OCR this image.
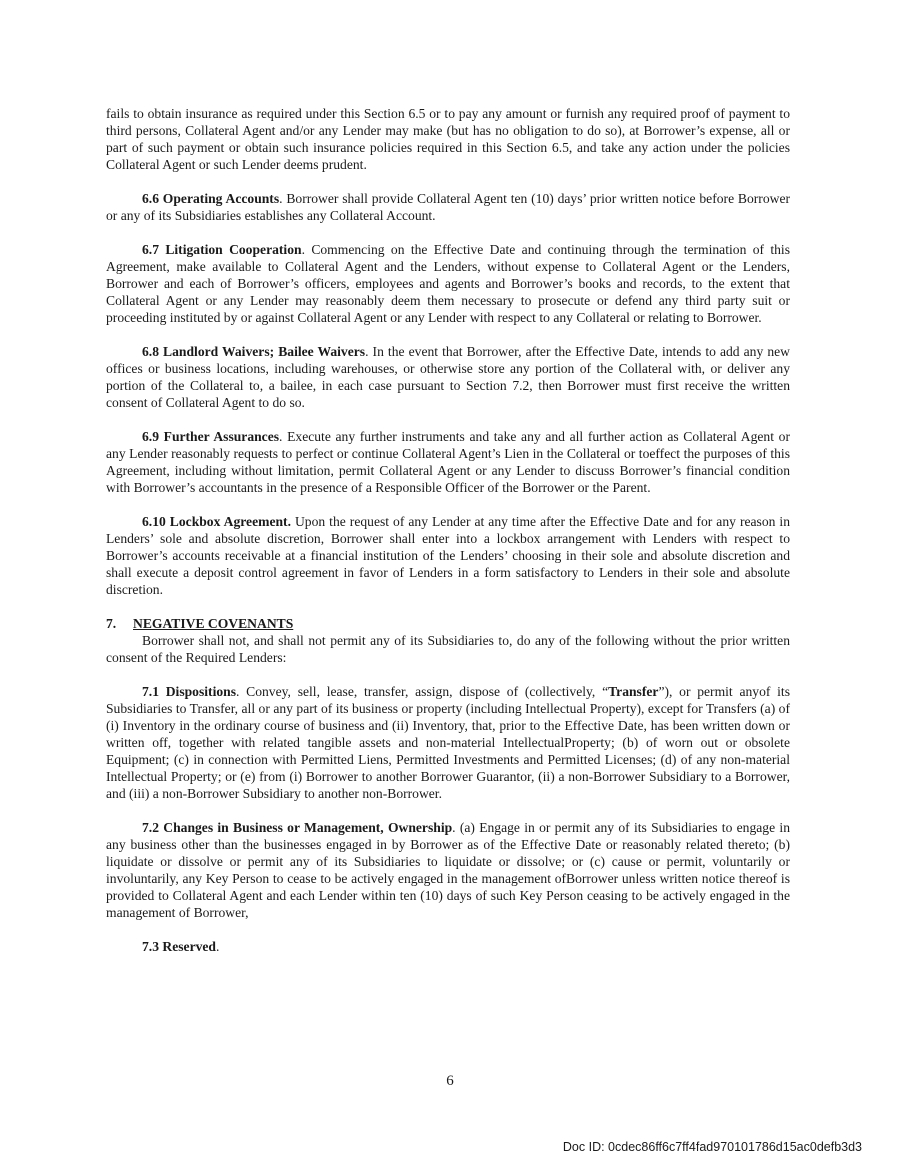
fails to obtain insurance as required under this Section 6.5 or to pay any amount or furnish any required proof of payment to third persons, Collateral Agent and/or any Lender may make (but has no obligation to do so), at Borrower’s expense, all or part of such payment or obtain such insurance policies required in this Section 6.5, and take any action under the policies Collateral Agent or such Lender deems prudent.

6.6 Operating Accounts. Borrower shall provide Collateral Agent ten (10) days’ prior written notice before Borrower or any of its Subsidiaries establishes any Collateral Account.

6.7 Litigation Cooperation. Commencing on the Effective Date and continuing through the termination of this Agreement, make available to Collateral Agent and the Lenders, without expense to Collateral Agent or the Lenders, Borrower and each of Borrower’s officers, employees and agents and Borrower’s books and records, to the extent that Collateral Agent or any Lender may reasonably deem them necessary to prosecute or defend any third party suit or proceeding instituted by or against Collateral Agent or any Lender with respect to any Collateral or relating to Borrower.

6.8 Landlord Waivers; Bailee Waivers. In the event that Borrower, after the Effective Date, intends to add any new offices or business locations, including warehouses, or otherwise store any portion of the Collateral with, or deliver any portion of the Collateral to, a bailee, in each case pursuant to Section 7.2, then Borrower must first receive the written consent of Collateral Agent to do so.

6.9 Further Assurances. Execute any further instruments and take any and all further action as Collateral Agent or any Lender reasonably requests to perfect or continue Collateral Agent’s Lien in the Collateral or toeffect the purposes of this Agreement, including without limitation, permit Collateral Agent or any Lender to discuss Borrower’s financial condition with Borrower’s accountants in the presence of a Responsible Officer of the Borrower or the Parent.

6.10 Lockbox Agreement. Upon the request of any Lender at any time after the Effective Date and for any reason in Lenders’ sole and absolute discretion, Borrower shall enter into a lockbox arrangement with Lenders with respect to Borrower’s accounts receivable at a financial institution of the Lenders’ choosing in their sole and absolute discretion and shall execute a deposit control agreement in favor of Lenders in a form satisfactory to Lenders in their sole and absolute discretion.

7. NEGATIVE COVENANTS

Borrower shall not, and shall not permit any of its Subsidiaries to, do any of the following without the prior written consent of the Required Lenders:

7.1 Dispositions. Convey, sell, lease, transfer, assign, dispose of (collectively, “Transfer”), or permit anyof its Subsidiaries to Transfer, all or any part of its business or property (including Intellectual Property), except for Transfers (a) of (i) Inventory in the ordinary course of business and (ii) Inventory, that, prior to the Effective Date, has been written down or written off, together with related tangible assets and non-material IntellectualProperty; (b) of worn out or obsolete Equipment; (c) in connection with Permitted Liens, Permitted Investments and Permitted Licenses; (d) of any non-material Intellectual Property; or (e) from (i) Borrower to another Borrower Guarantor, (ii) a non-Borrower Subsidiary to a Borrower, and (iii) a non-Borrower Subsidiary to another non-Borrower.

7.2 Changes in Business or Management, Ownership. (a) Engage in or permit any of its Subsidiaries to engage in any business other than the businesses engaged in by Borrower as of the Effective Date or reasonably related thereto; (b) liquidate or dissolve or permit any of its Subsidiaries to liquidate or dissolve; or (c) cause or permit, voluntarily or involuntarily, any Key Person to cease to be actively engaged in the management ofBorrower unless written notice thereof is provided to Collateral Agent and each Lender within ten (10) days of such Key Person ceasing to be actively engaged in the management of Borrower,

7.3 Reserved.

6
Doc ID: 0cdec86ff6c7ff4fad970101786d15ac0defb3d3
